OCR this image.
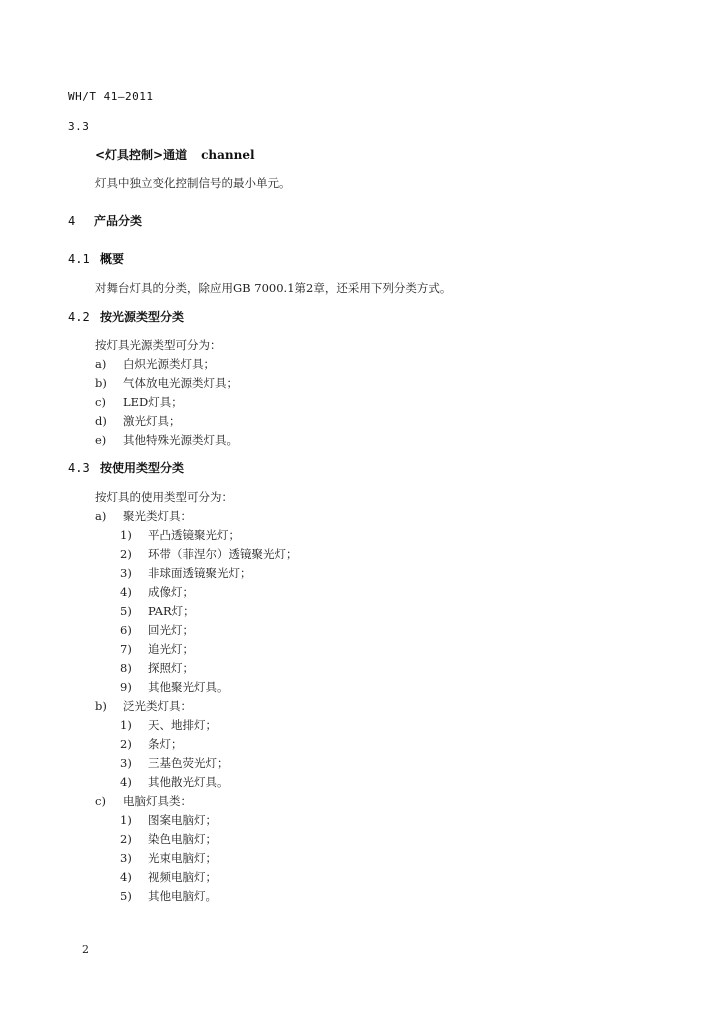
WH/T 41—2011
3.3
<灯具控制>通道 channel
灯具中独立变化控制信号的最小单元。
4 产品分类
4.1 概要
对舞台灯具的分类，除应用GB 7000.1第2章，还采用下列分类方式。
4.2 按光源类型分类
按灯具光源类型可分为：
a) 白炽光源类灯具；
b) 气体放电光源类灯具；
c) LED灯具；
d) 激光灯具；
e) 其他特殊光源类灯具。
4.3 按使用类型分类
按灯具的使用类型可分为：
a) 聚光类灯具：
1) 平凸透镜聚光灯；
2) 环带（菲涅尔）透镜聚光灯；
3) 非球面透镜聚光灯；
4) 成像灯；
5) PAR灯；
6) 回光灯；
7) 追光灯；
8) 探照灯；
9) 其他聚光灯具。
b) 泛光类灯具：
1) 天、地排灯；
2) 条灯；
3) 三基色荧光灯；
4) 其他散光灯具。
c) 电脑灯具类：
1) 图案电脑灯；
2) 染色电脑灯；
3) 光束电脑灯；
4) 视频电脑灯；
5) 其他电脑灯。
2
